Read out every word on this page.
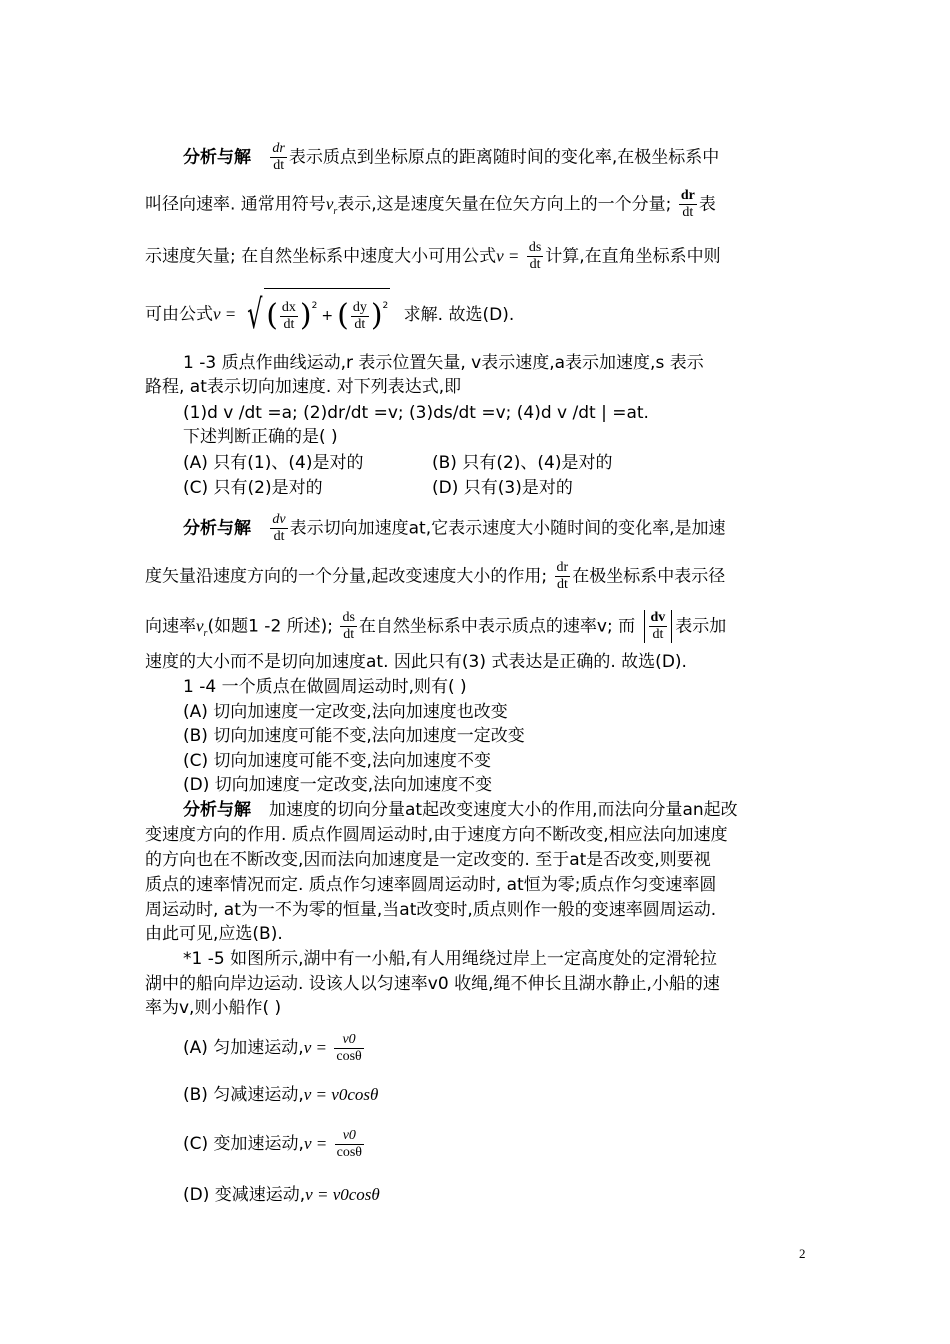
分析与解 $\frac{dr}{dt}$ 表示质点到坐标原点的距离随时间的变化率,在极坐标系中
叫径向速率. 通常用符号$v_r$表示,这是速度矢量在位矢方向上的一个分量; $\frac{dr}{dt}$ 表
示速度矢量; 在自然坐标系中速度大小可用公式$v = \frac{ds}{dt}$ 计算,在直角坐标系中则
可由公式v = √ ( $\frac{dx}{dt} )^2$
+ ( $\frac{dy}{dt} )^2$ 求解. 故选(D).
1 -3 质点作曲线运动,r 表示位置矢量, v表示速度,a表示加速度,s 表示
路程, at表示切向加速度. 对下列表达式,即
(1)d v /dt =a; (2)dr/dt =v; (3)ds/dt =v; (4)d v /dt | =at.
下述判断正确的是( )
(A) 只有(1)、(4)是对的	(B) 只有(2)、(4)是对的
(C) 只有(2)是对的	(D) 只有(3)是对的
分析与解 $\frac{dv}{dt}$ 表示切向加速度at,它表示速度大小随时间的变化率,是加速
度矢量沿速度方向的一个分量,起改变速度大小的作用; $\frac{dr}{dt}$ 在极坐标系中表示径
向速率$v_r$(如题1 -2 所述); $\frac{ds}{dt}$ 在自然坐标系中表示质点的速率v; 而 $\frac{dv}{dt}$ 表示加
速度的大小而不是切向加速度at. 因此只有(3) 式表达是正确的. 故选(D).
1 -4 一个质点在做圆周运动时,则有( )
(A) 切向加速度一定改变,法向加速度也改变
(B) 切向加速度可能不变,法向加速度一定改变
(C) 切向加速度可能不变,法向加速度不变
(D) 切向加速度一定改变,法向加速度不变
分析与解 加速度的切向分量at起改变速度大小的作用,而法向分量an起改
变速度方向的作用. 质点作圆周运动时,由于速度方向不断改变,相应法向加速度
的方向也在不断改变,因而法向加速度是一定改变的. 至于at是否改变,则要视
质点的速率情况而定. 质点作匀速率圆周运动时, at恒为零;质点作匀变速率圆
周运动时, at为一不为零的恒量,当at改变时,质点则作一般的变速率圆周运动.
由此可见,应选(B).
*1 -5 如图所示,湖中有一小船,有人用绳绕过岸上一定高度处的定滑轮拉
湖中的船向岸边运动. 设该人以匀速率v0 收绳,绳不伸长且湖水静止,小船的速
率为v,则小船作( )
(A) 匀加速运动$,v = \frac{v0}{\cos\theta}$
(B) 匀减速运动,v = v0cosθ
(C) 变加速运动$,v = \frac{v0}{\cos\theta}$
(D) 变减速运动,v = v0cosθ
2
